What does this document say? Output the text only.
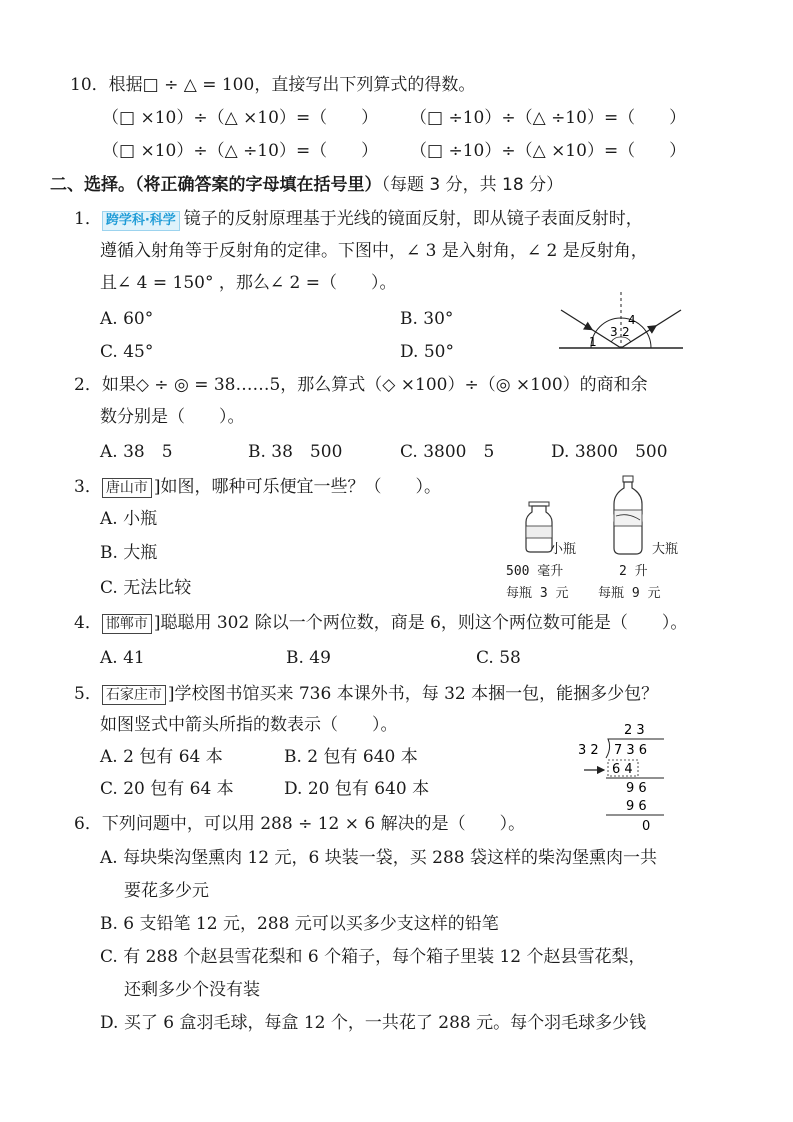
10．根据□ ÷ △ = 100，直接写出下列算式的得数。
（□ ×10）÷（△ ×10）=（　　） （□ ÷10）÷（△ ÷10）=（　　）
（□ ×10）÷（△ ÷10）=（　　） （□ ÷10）÷（△ ×10）=（　　）
二、选择。（将正确答案的字母填在括号里）（每题 3 分，共 18 分）
1． 跨学科·科学 镜子的反射原理基于光线的镜面反射，即从镜子表面反射时，
遵循入射角等于反射角的定律。下图中，∠ 3 是入射角，∠ 2 是反射角，
且∠ 4 = 150° ，那么∠ 2 =（　　）。
A. 60°	B. 30°
C. 45°	D. 50°
4
3 2
1
2．如果◇ ÷ ◎ = 38……5，那么算式（◇ ×100）÷（◎ ×100）的商和余
数分别是（　　）。
A. 38　5	B. 38　500	C. 3800　5	D. 3800　500
3． 唐山市 ]如图，哪种可乐便宜一些？（　　）。
A. 小瓶
B. 大瓶
C. 无法比较
小瓶
500 毫升
每瓶 3 元
大瓶
2 升
每瓶 9 元
4． 邯郸市 ]聪聪用 302 除以一个两位数，商是 6，则这个两位数可能是（　　）。
A. 41	B. 49	C. 58
5． 石家庄市 ]学校图书馆买来 736 本课外书，每 32 本捆一包，能捆多少包？
如图竖式中箭头所指的数表示（　　）。
A. 2 包有 64 本	B. 2 包有 640 本
C. 20 包有 64 本	D. 20 包有 640 本
2 3
3 2 7 3 6
6 4
9 6
9 6
0
6．下列问题中，可以用 288 ÷ 12 × 6 解决的是（　　）。
A. 每块柴沟堡熏肉 12 元，6 块装一袋，买 288 袋这样的柴沟堡熏肉一共
要花多少元
B. 6 支铅笔 12 元，288 元可以买多少支这样的铅笔
C. 有 288 个赵县雪花梨和 6 个箱子，每个箱子里装 12 个赵县雪花梨，
还剩多少个没有装
D. 买了 6 盒羽毛球，每盒 12 个，一共花了 288 元。每个羽毛球多少钱
